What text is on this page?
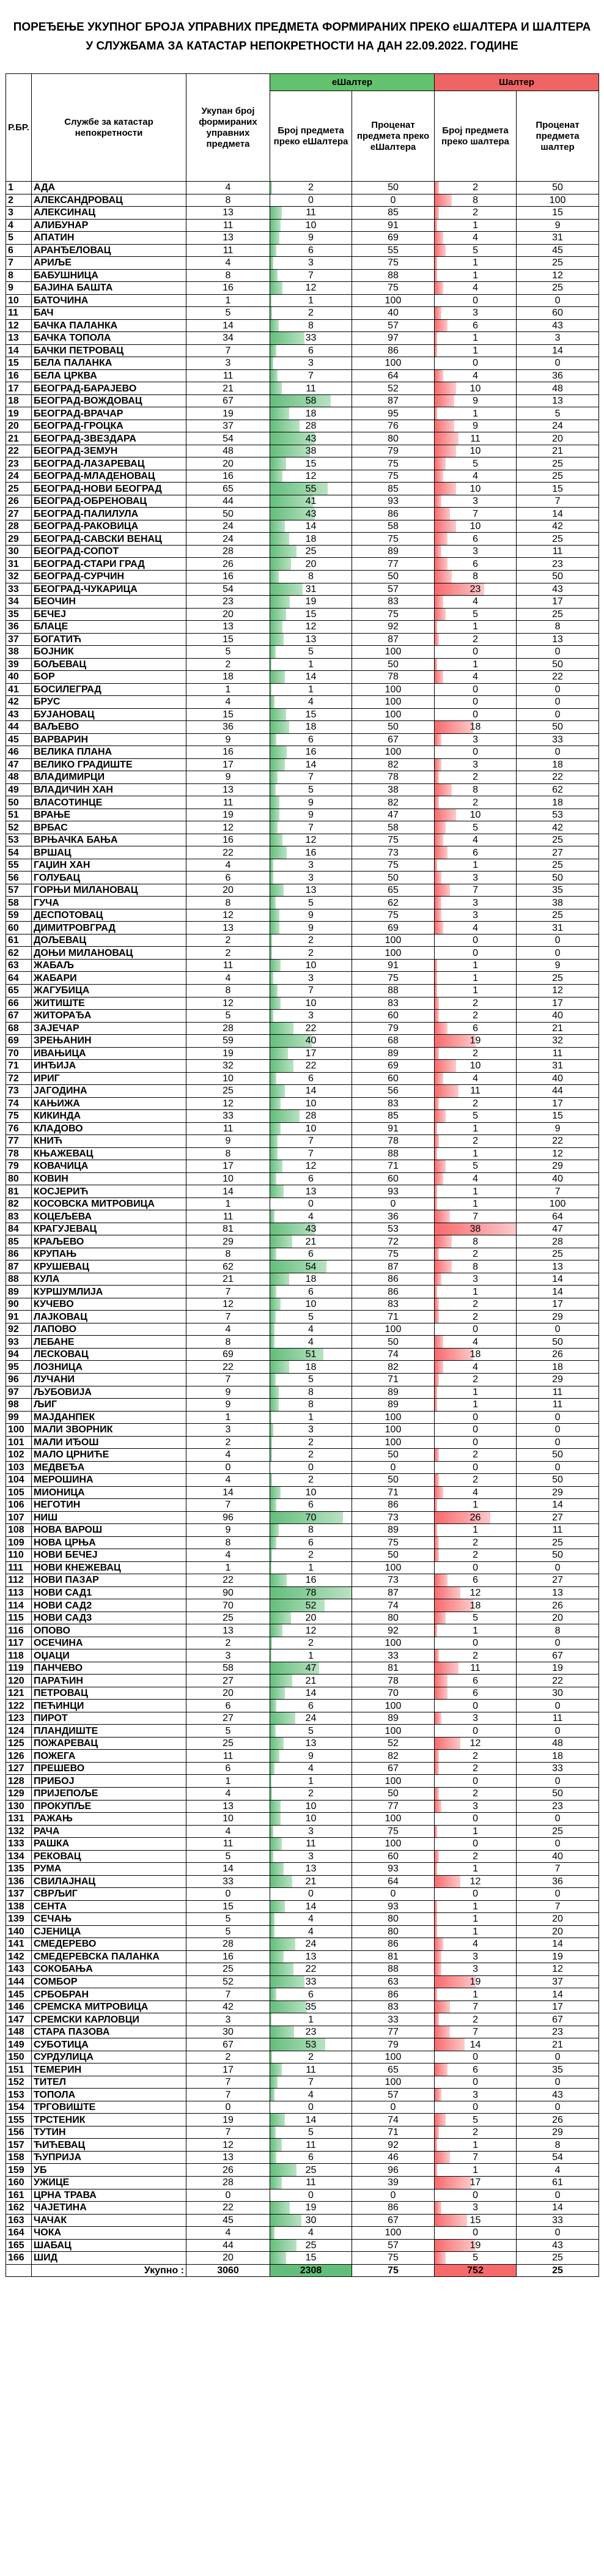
ПОРЕЂЕЊЕ УКУПНОГ БРОЈА УПРАВНИХ ПРЕДМЕТА ФОРМИРАНИХ ПРЕКО еШАЛТЕРА И ШАЛТЕРА У СЛУЖБАМА ЗА КАТАСТАР НЕПОКРЕТНОСТИ НА ДАН 22.09.2022. ГОДИНЕ
Р.БР.	Службе за катастар непокретности	Укупан број формираних управних предмета	еШалтер		Шалтер	
			Број предмета преко еШалтера	Проценат предмета преко еШалтера	Број предмета преко шалтера	Проценат предмета шалтер
1	АДА	4	2	50	2	50
2	АЛЕКСАНДРОВАЦ	8	0	0	8	100
3	АЛЕКСИНАЦ	13	11	85	2	15
4	АЛИБУНАР	11	10	91	1	9
5	АПАТИН	13	9	69	4	31
6	АРАНЂЕЛОВАЦ	11	6	55	5	45
7	АРИЉЕ	4	3	75	1	25
8	БАБУШНИЦА	8	7	88	1	12
9	БАЈИНА БАШТА	16	12	75	4	25
10	БАТОЧИНА	1	1	100	0	0
11	БАЧ	5	2	40	3	60
12	БАЧКА ПАЛАНКА	14	8	57	6	43
13	БАЧКА ТОПОЛА	34	33	97	1	3
14	БАЧКИ ПЕТРОВАЦ	7	6	86	1	14
15	БЕЛА ПАЛАНКА	3	3	100	0	0
16	БЕЛА ЦРКВА	11	7	64	4	36
17	БЕОГРАД-БАРАЈЕВО	21	11	52	10	48
18	БЕОГРАД-ВОЖДОВАЦ	67	58	87	9	13
19	БЕОГРАД-ВРАЧАР	19	18	95	1	5
20	БЕОГРАД-ГРОЦКА	37	28	76	9	24
21	БЕОГРАД-ЗВЕЗДАРА	54	43	80	11	20
22	БЕОГРАД-ЗЕМУН	48	38	79	10	21
23	БЕОГРАД-ЛАЗАРЕВАЦ	20	15	75	5	25
24	БЕОГРАД-МЛАДЕНОВАЦ	16	12	75	4	25
25	БЕОГРАД-НОВИ БЕОГРАД	65	55	85	10	15
26	БЕОГРАД-ОБРЕНОВАЦ	44	41	93	3	7
27	БЕОГРАД-ПАЛИЛУЛА	50	43	86	7	14
28	БЕОГРАД-РАКОВИЦА	24	14	58	10	42
29	БЕОГРАД-САВСКИ ВЕНАЦ	24	18	75	6	25
30	БЕОГРАД-СОПОТ	28	25	89	3	11
31	БЕОГРАД-СТАРИ ГРАД	26	20	77	6	23
32	БЕОГРАД-СУРЧИН	16	8	50	8	50
33	БЕОГРАД-ЧУКАРИЦА	54	31	57	23	43
34	БЕОЧИН	23	19	83	4	17
35	БЕЧЕЈ	20	15	75	5	25
36	БЛАЦЕ	13	12	92	1	8
37	БОГАТИЋ	15	13	87	2	13
38	БОЈНИК	5	5	100	0	0
39	БОЉЕВАЦ	2	1	50	1	50
40	БОР	18	14	78	4	22
41	БОСИЛЕГРАД	1	1	100	0	0
42	БРУС	4	4	100	0	0
43	БУЈАНОВАЦ	15	15	100	0	0
44	ВАЉЕВО	36	18	50	18	50
45	ВАРВАРИН	9	6	67	3	33
46	ВЕЛИКА ПЛАНА	16	16	100	0	0
47	ВЕЛИКО ГРАДИШТЕ	17	14	82	3	18
48	ВЛАДИМИРЦИ	9	7	78	2	22
49	ВЛАДИЧИН ХАН	13	5	38	8	62
50	ВЛАСОТИНЦЕ	11	9	82	2	18
51	ВРАЊЕ	19	9	47	10	53
52	ВРБАС	12	7	58	5	42
53	ВРЊАЧКА БАЊА	16	12	75	4	25
54	ВРШАЦ	22	16	73	6	27
55	ГАЏИН ХАН	4	3	75	1	25
56	ГОЛУБАЦ	6	3	50	3	50
57	ГОРЊИ МИЛАНОВАЦ	20	13	65	7	35
58	ГУЧА	8	5	62	3	38
59	ДЕСПОТОВАЦ	12	9	75	3	25
60	ДИМИТРОВГРАД	13	9	69	4	31
61	ДОЉЕВАЦ	2	2	100	0	0
62	ДОЊИ МИЛАНОВАЦ	2	2	100	0	0
63	ЖАБАЉ	11	10	91	1	9
64	ЖАБАРИ	4	3	75	1	25
65	ЖАГУБИЦА	8	7	88	1	12
66	ЖИТИШТЕ	12	10	83	2	17
67	ЖИТОРАЂА	5	3	60	2	40
68	ЗАЈЕЧАР	28	22	79	6	21
69	ЗРЕЊАНИН	59	40	68	19	32
70	ИВАЊИЦА	19	17	89	2	11
71	ИНЂИЈА	32	22	69	10	31
72	ИРИГ	10	6	60	4	40
73	ЈАГОДИНА	25	14	56	11	44
74	КАЊИЖА	12	10	83	2	17
75	КИКИНДА	33	28	85	5	15
76	КЛАДОВО	11	10	91	1	9
77	КНИЋ	9	7	78	2	22
78	КЊАЖЕВАЦ	8	7	88	1	12
79	КОВАЧИЦА	17	12	71	5	29
80	КОВИН	10	6	60	4	40
81	КОСЈЕРИЋ	14	13	93	1	7
82	КОСОВСКА МИТРОВИЦА	1	0	0	1	100
83	КОЦЕЉЕВА	11	4	36	7	64
84	КРАГУЈЕВАЦ	81	43	53	38	47
85	КРАЉЕВО	29	21	72	8	28
86	КРУПАЊ	8	6	75	2	25
87	КРУШЕВАЦ	62	54	87	8	13
88	КУЛА	21	18	86	3	14
89	КУРШУМЛИЈА	7	6	86	1	14
90	КУЧЕВО	12	10	83	2	17
91	ЛАЈКОВАЦ	7	5	71	2	29
92	ЛАПОВО	4	4	100	0	0
93	ЛЕБАНЕ	8	4	50	4	50
94	ЛЕСКОВАЦ	69	51	74	18	26
95	ЛОЗНИЦА	22	18	82	4	18
96	ЛУЧАНИ	7	5	71	2	29
97	ЉУБОВИЈА	9	8	89	1	11
98	ЉИГ	9	8	89	1	11
99	МАЈДАНПЕК	1	1	100	0	0
100	МАЛИ ЗВОРНИК	3	3	100	0	0
101	МАЛИ ИЂОШ	2	2	100	0	0
102	МАЛО ЦРНИЋЕ	4	2	50	2	50
103	МЕДВЕЂА	0	0	0	0	0
104	МЕРОШИНА	4	2	50	2	50
105	МИОНИЦА	14	10	71	4	29
106	НЕГОТИН	7	6	86	1	14
107	НИШ	96	70	73	26	27
108	НОВА ВАРОШ	9	8	89	1	11
109	НОВА ЦРЊА	8	6	75	2	25
110	НОВИ БЕЧЕЈ	4	2	50	2	50
111	НОВИ КНЕЖЕВАЦ	1	1	100	0	0
112	НОВИ ПАЗАР	22	16	73	6	27
113	НОВИ САД1	90	78	87	12	13
114	НОВИ САД2	70	52	74	18	26
115	НОВИ САД3	25	20	80	5	20
116	ОПОВО	13	12	92	1	8
117	ОСЕЧИНА	2	2	100	0	0
118	ОЏАЦИ	3	1	33	2	67
119	ПАНЧЕВО	58	47	81	11	19
120	ПАРАЋИН	27	21	78	6	22
121	ПЕТРОВАЦ	20	14	70	6	30
122	ПЕЋИНЦИ	6	6	100	0	0
123	ПИРОТ	27	24	89	3	11
124	ПЛАНДИШТЕ	5	5	100	0	0
125	ПОЖАРЕВАЦ	25	13	52	12	48
126	ПОЖЕГА	11	9	82	2	18
127	ПРЕШЕВО	6	4	67	2	33
128	ПРИБОЈ	1	1	100	0	0
129	ПРИЈЕПОЉЕ	4	2	50	2	50
130	ПРОКУПЉЕ	13	10	77	3	23
131	РАЖАЊ	10	10	100	0	0
132	РАЧА	4	3	75	1	25
133	РАШКА	11	11	100	0	0
134	РЕКОВАЦ	5	3	60	2	40
135	РУМА	14	13	93	1	7
136	СВИЛАЈНАЦ	33	21	64	12	36
137	СВРЉИГ	0	0	0	0	0
138	СЕНТА	15	14	93	1	7
139	СЕЧАЊ	5	4	80	1	20
140	СЈЕНИЦА	5	4	80	1	20
141	СМЕДЕРЕВО	28	24	86	4	14
142	СМЕДЕРЕВСКА ПАЛАНКА	16	13	81	3	19
143	СОКОБАЊА	25	22	88	3	12
144	СОМБОР	52	33	63	19	37
145	СРБОБРАН	7	6	86	1	14
146	СРЕМСКА МИТРОВИЦА	42	35	83	7	17
147	СРЕМСКИ КАРЛОВЦИ	3	1	33	2	67
148	СТАРА ПАЗОВА	30	23	77	7	23
149	СУБОТИЦА	67	53	79	14	21
150	СУРДУЛИЦА	2	2	100	0	0
151	ТЕМЕРИН	17	11	65	6	35
152	ТИТЕЛ	7	7	100	0	0
153	ТОПОЛА	7	4	57	3	43
154	ТРГОВИШТЕ	0	0	0	0	0
155	ТРСТЕНИК	19	14	74	5	26
156	ТУТИН	7	5	71	2	29
157	ЋИЋЕВАЦ	12	11	92	1	8
158	ЋУПРИЈА	13	6	46	7	54
159	УБ	26	25	96	1	4
160	УЖИЦЕ	28	11	39	17	61
161	ЦРНА ТРАВА	0	0	0	0	0
162	ЧАЈЕТИНА	22	19	86	3	14
163	ЧАЧАК	45	30	67	15	33
164	ЧОКА	4	4	100	0	0
165	ШАБАЦ	44	25	57	19	43
166	ШИД	20	15	75	5	25
	Укупно :	3060	2308	75	752	25
